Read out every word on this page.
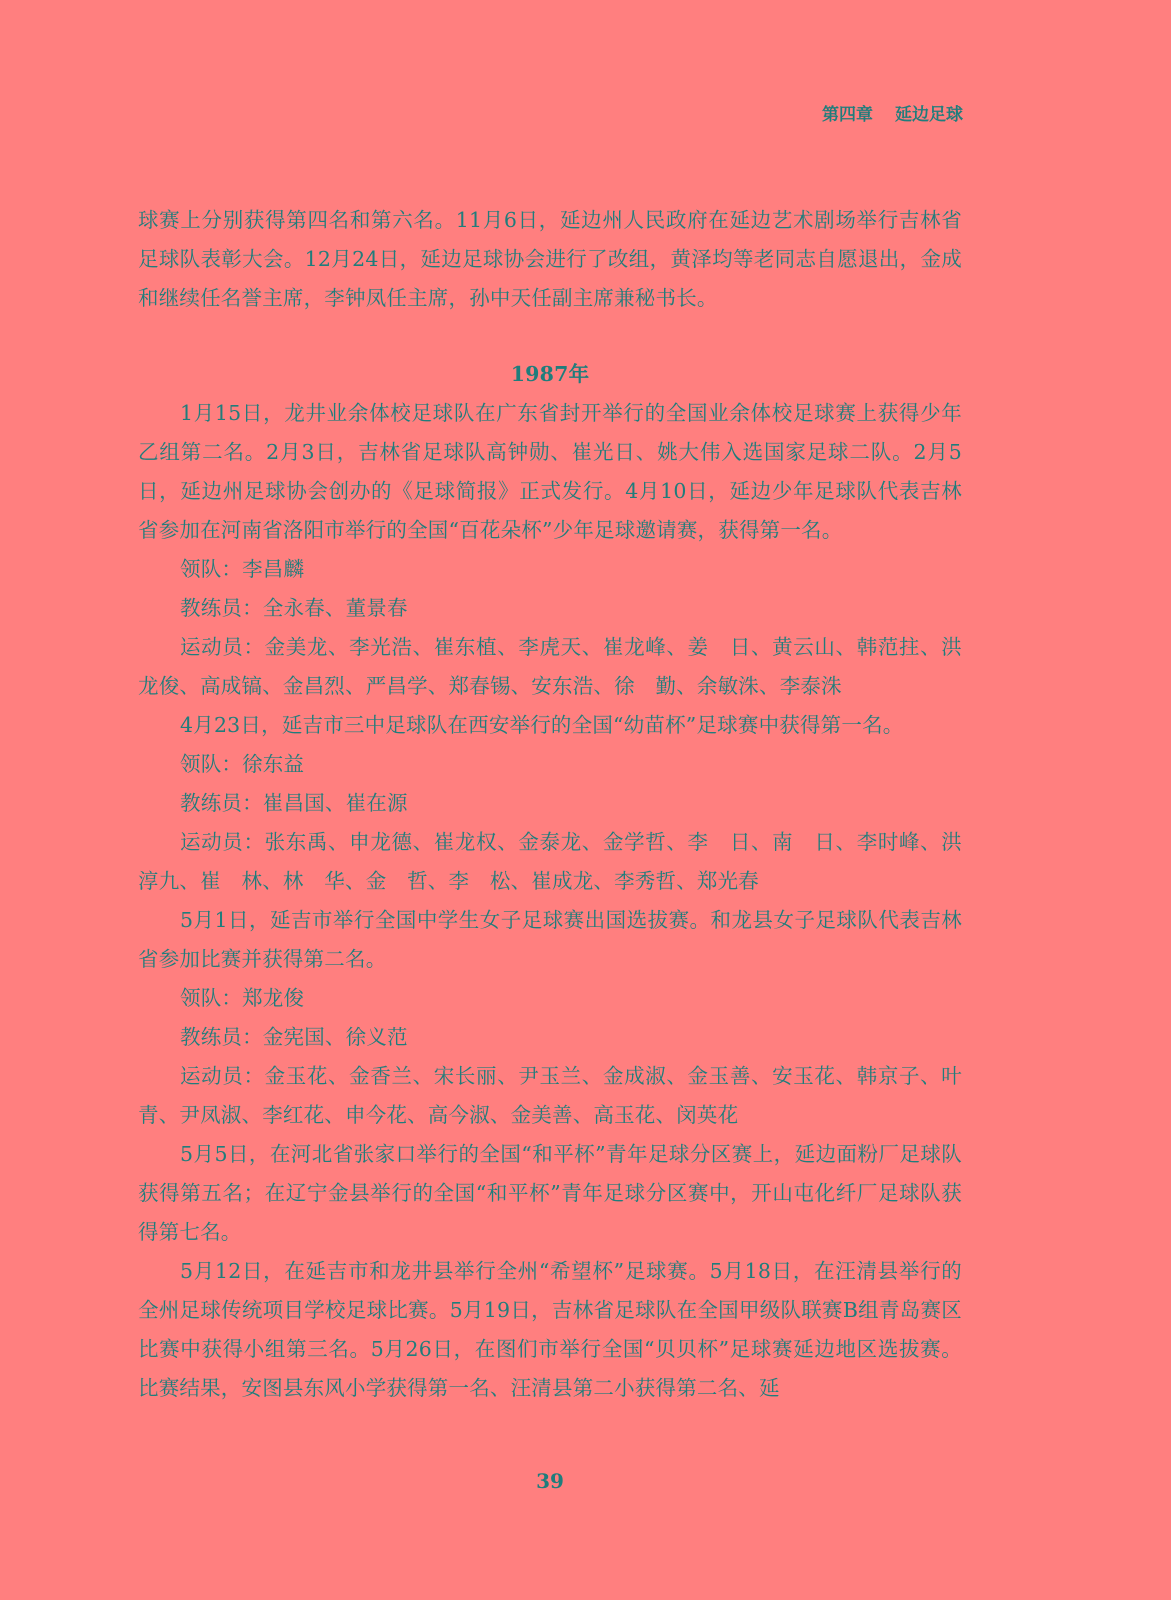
第四章 延边足球

球赛上分别获得第四名和第六名。11月6日，延边州人民政府在延边艺术剧场举行吉林省足球队表彰大会。12月24日，延边足球协会进行了改组，黄泽均等老同志自愿退出，金成和继续任名誉主席，李钟凤任主席，孙中天任副主席兼秘书长。

1987年

1月15日，龙井业余体校足球队在广东省封开举行的全国业余体校足球赛上获得少年乙组第二名。2月3日，吉林省足球队高钟勋、崔光日、姚大伟入选国家足球二队。2月5日，延边州足球协会创办的《足球简报》正式发行。4月10日，延边少年足球队代表吉林省参加在河南省洛阳市举行的全国“百花朵杯”少年足球邀请赛，获得第一名。

领队：李昌麟

教练员：全永春、董景春

运动员：金美龙、李光浩、崔东植、李虎天、崔龙峰、姜　日、黄云山、韩范拄、洪龙俊、高成镐、金昌烈、严昌学、郑春锡、安东浩、徐　勤、余敏洙、李泰洙

4月23日，延吉市三中足球队在西安举行的全国“幼苗杯”足球赛中获得第一名。

领队：徐东益

教练员：崔昌国、崔在源

运动员：张东禹、申龙德、崔龙权、金泰龙、金学哲、李　日、南　日、李时峰、洪淳九、崔　林、林　华、金　哲、李　松、崔成龙、李秀哲、郑光春

5月1日，延吉市举行全国中学生女子足球赛出国选拔赛。和龙县女子足球队代表吉林省参加比赛并获得第二名。

领队：郑龙俊

教练员：金宪国、徐义范

运动员：金玉花、金香兰、宋长丽、尹玉兰、金成淑、金玉善、安玉花、韩京子、叶　青、尹凤淑、李红花、申今花、高今淑、金美善、高玉花、闵英花

5月5日，在河北省张家口举行的全国“和平杯”青年足球分区赛上，延边面粉厂足球队获得第五名；在辽宁金县举行的全国“和平杯”青年足球分区赛中，开山屯化纤厂足球队获得第七名。

5月12日，在延吉市和龙井县举行全州“希望杯”足球赛。5月18日，在汪清县举行的全州足球传统项目学校足球比赛。5月19日，吉林省足球队在全国甲级队联赛B组青岛赛区比赛中获得小组第三名。5月26日，在图们市举行全国“贝贝杯”足球赛延边地区选拔赛。比赛结果，安图县东风小学获得第一名、汪清县第二小获得第二名、延

39
